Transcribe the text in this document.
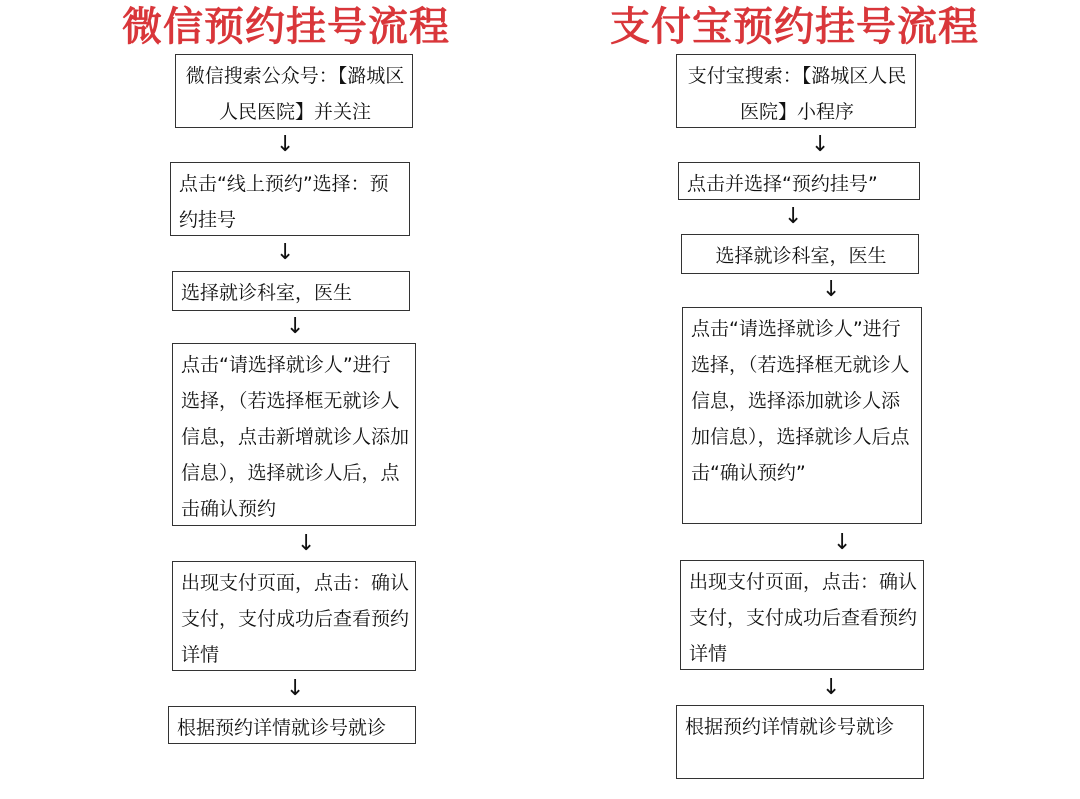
微信预约挂号流程	支付宝预约挂号流程
微信搜索公众号：【潞城区人民医院】并关注
↓
点击“线上预约”选择：预约挂号
↓
选择就诊科室，医生
↓
点击“请选择就诊人”进行选择，（若选择框无就诊人信息，点击新增就诊人添加信息），选择就诊人后，点击确认预约
↓
出现支付页面，点击：确认支付，支付成功后查看预约详情
↓
根据预约详情就诊号就诊
支付宝搜索：【潞城区人民医院】小程序
↓
点击并选择“预约挂号”
↓
选择就诊科室，医生
↓
点击“请选择就诊人”进行选择，（若选择框无就诊人信息，选择添加就诊人添加信息），选择就诊人后点击“确认预约”
↓
出现支付页面，点击：确认支付，支付成功后查看预约详情
↓
根据预约详情就诊号就诊
